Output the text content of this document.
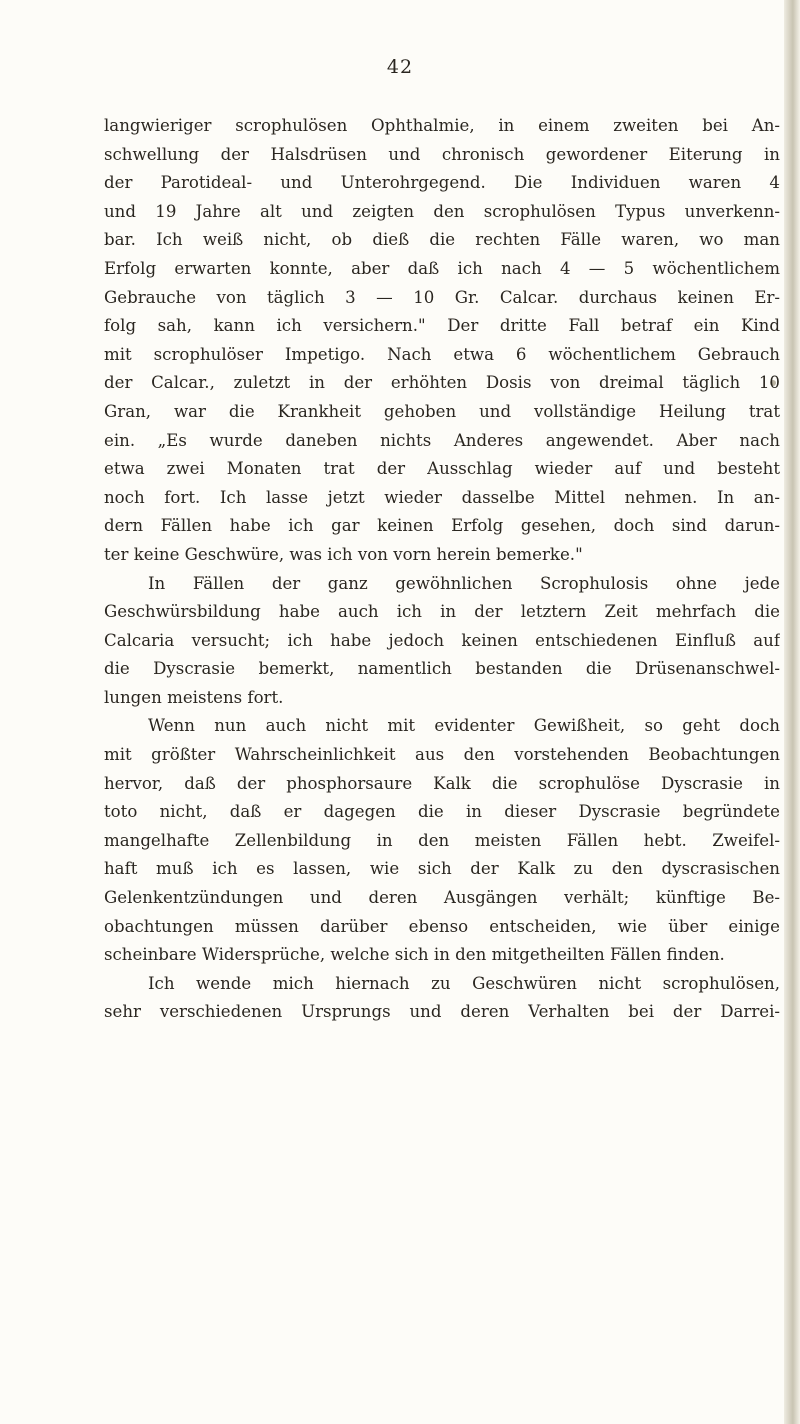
42
langwieriger scrophulösen Ophthalmie, in einem zweiten bei An-
schwellung der Halsdrüsen und chronisch gewordener Eiterung in
der Parotideal- und Unterohrgegend. Die Individuen waren 4
und 19 Jahre alt und zeigten den scrophulösen Typus unverkenn-
bar. Ich weiß nicht, ob dieß die rechten Fälle waren, wo man
Erfolg erwarten konnte, aber daß ich nach 4 — 5 wöchentlichem
Gebrauche von täglich 3 — 10 Gr. Calcar. durchaus keinen Er-
folg sah, kann ich versichern." Der dritte Fall betraf ein Kind
mit scrophulöser Impetigo. Nach etwa 6 wöchentlichem Gebrauch
der Calcar., zuletzt in der erhöhten Dosis von dreimal täglich 10
Gran, war die Krankheit gehoben und vollständige Heilung trat
ein. „Es wurde daneben nichts Anderes angewendet. Aber nach
etwa zwei Monaten trat der Ausschlag wieder auf und besteht
noch fort. Ich lasse jetzt wieder dasselbe Mittel nehmen. In an-
dern Fällen habe ich gar keinen Erfolg gesehen, doch sind darun-
ter keine Geschwüre, was ich von vorn herein bemerke."
In Fällen der ganz gewöhnlichen Scrophulosis ohne jede
Geschwürsbildung habe auch ich in der letztern Zeit mehrfach die
Calcaria versucht; ich habe jedoch keinen entschiedenen Einfluß auf
die Dyscrasie bemerkt, namentlich bestanden die Drüsenanschwel-
lungen meistens fort.
Wenn nun auch nicht mit evidenter Gewißheit, so geht doch
mit größter Wahrscheinlichkeit aus den vorstehenden Beobachtungen
hervor, daß der phosphorsaure Kalk die scrophulöse Dyscrasie in
toto nicht, daß er dagegen die in dieser Dyscrasie begründete
mangelhafte Zellenbildung in den meisten Fällen hebt. Zweifel-
haft muß ich es lassen, wie sich der Kalk zu den dyscrasischen
Gelenkentzündungen und deren Ausgängen verhält; künftige Be-
obachtungen müssen darüber ebenso entscheiden, wie über einige
scheinbare Widersprüche, welche sich in den mitgetheilten Fällen finden.
Ich wende mich hiernach zu Geschwüren nicht scrophulösen,
sehr verschiedenen Ursprungs und deren Verhalten bei der Darrei-
